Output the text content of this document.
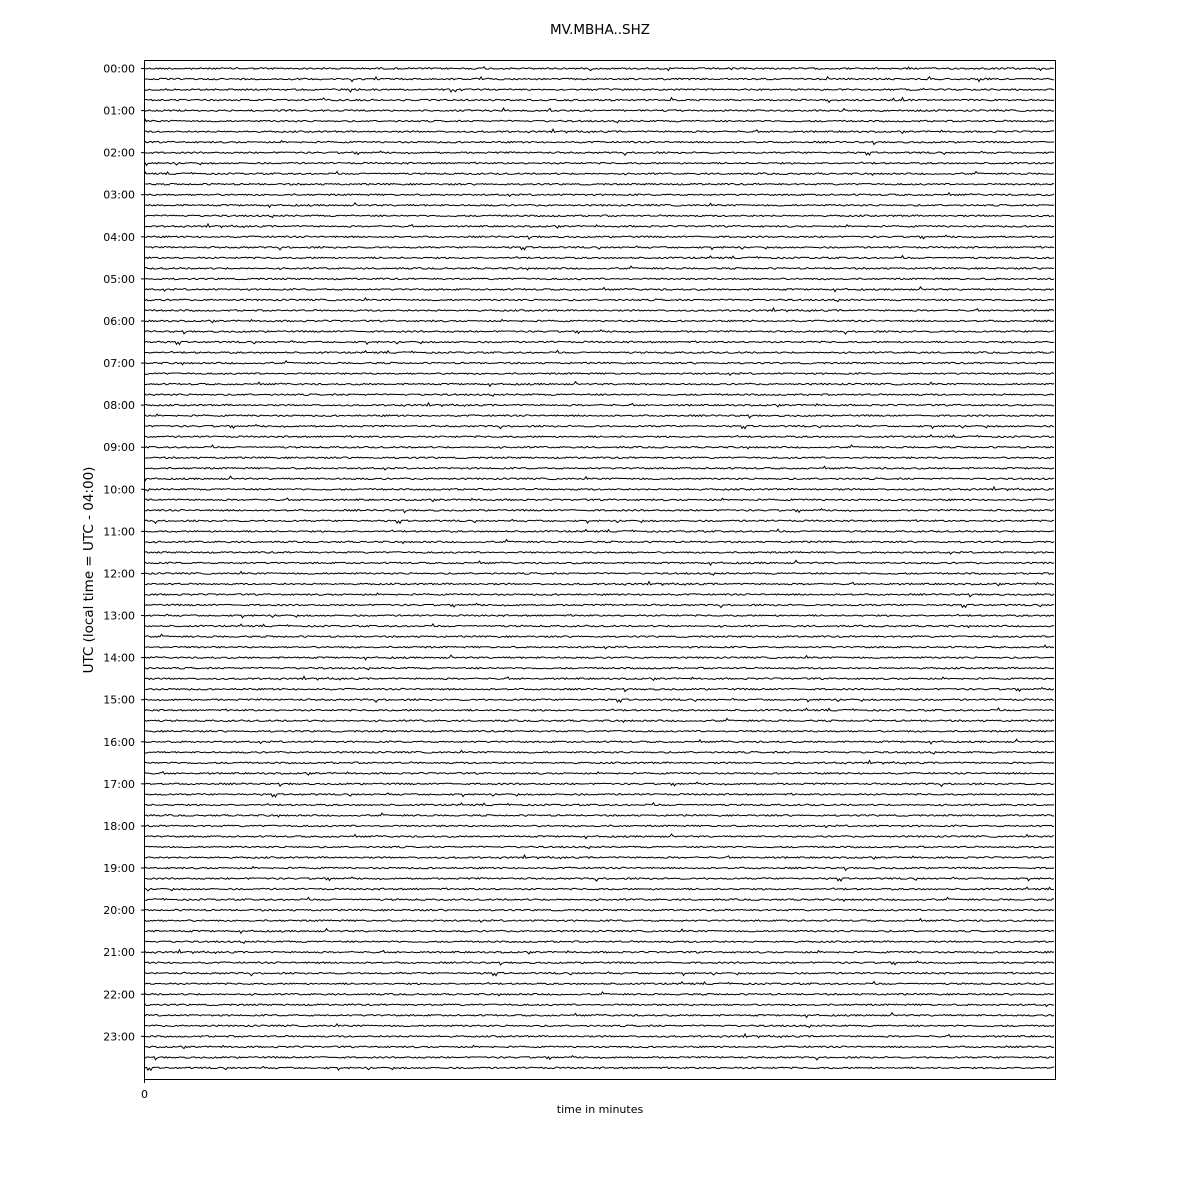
MV.MBHA..SHZ
UTC (local time = UTC - 04:00)
time in minutes
00:00
01:00
02:00
03:00
04:00
05:00
06:00
07:00
08:00
09:00
10:00
11:00
12:00
13:00
14:00
15:00
16:00
17:00
18:00
19:00
20:00
21:00
22:00
23:00
0
